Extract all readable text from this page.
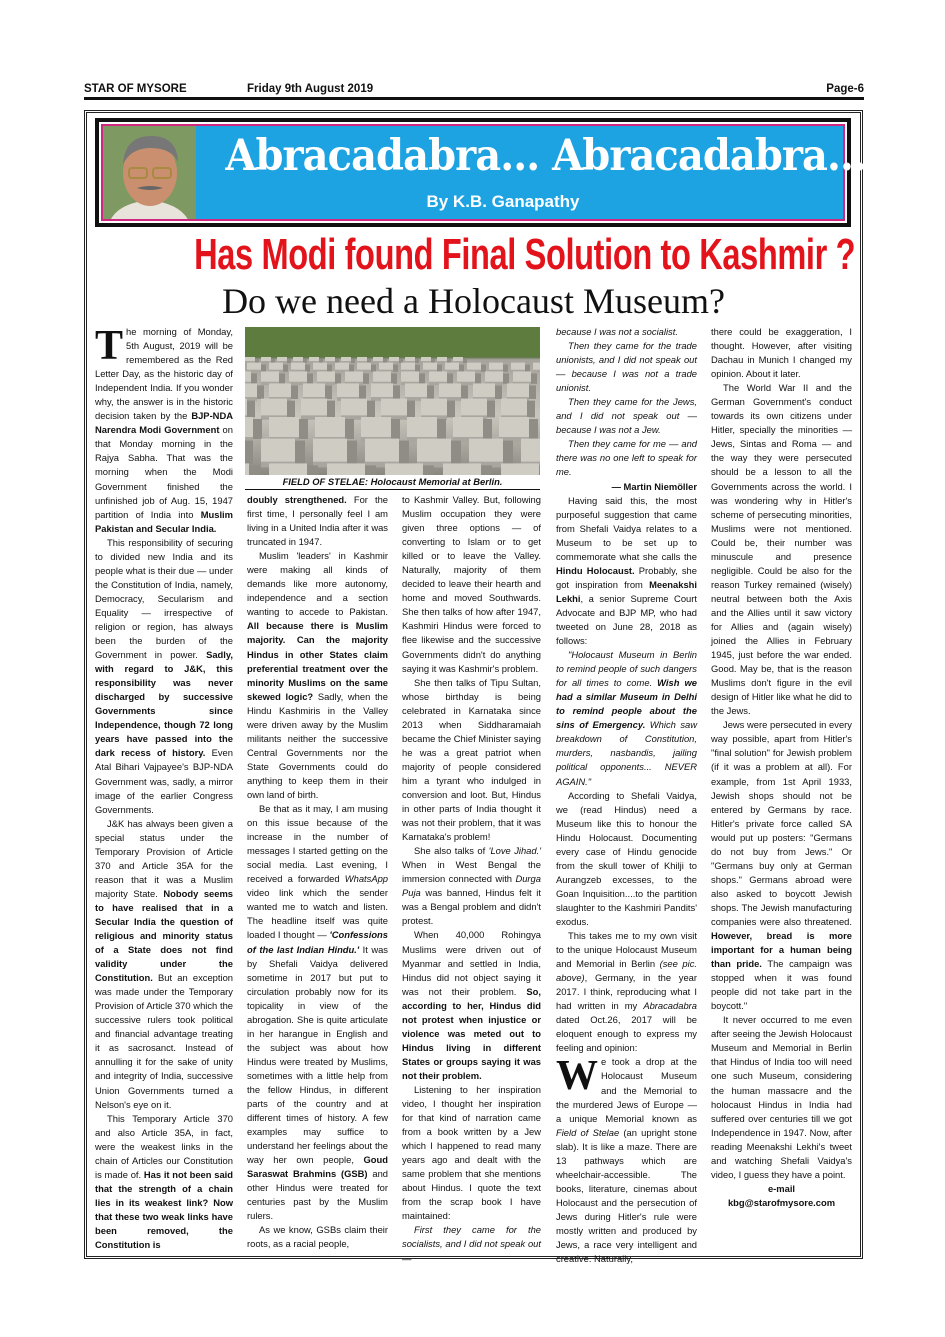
STAR OF MYSORE	Friday 9th August 2019	Page-6
Abracadabra... Abracadabra...
By K.B. Ganapathy
Has Modi found Final Solution to Kashmir ?
Do we need a Holocaust Museum?
FIELD OF STELAE: Holocaust Memorial at Berlin.

The morning of Monday, 5th August, 2019 will be remembered as the Red Letter Day, as the historic day of Independent India. If you wonder why, the answer is in the historic decision taken by the BJP-NDA Narendra Modi Government on that Monday morning in the Rajya Sabha. That was the morning when the Modi Government finished the unfinished job of Aug. 15, 1947 partition of India into Muslim Pakistan and Secular India.

This responsibility of securing to divided new India and its people what is their due — under the Constitution of India, namely, Democracy, Secularism and Equality — irrespective of religion or region, has always been the burden of the Government in power. Sadly, with regard to J&K, this responsibility was never discharged by successive Governments since Independence, though 72 long years have passed into the dark recess of history. Even Atal Bihari Vajpayee's BJP-NDA Government was, sadly, a mirror image of the earlier Congress Governments.

J&K has always been given a special status under the Temporary Provision of Article 370 and Article 35A for the reason that it was a Muslim majority State. Nobody seems to have realised that in a Secular India the question of religious and minority status of a State does not find validity under the Constitution. But an exception was made under the Temporary Provision of Article 370 which the successive rulers took political and financial advantage treating it as sacrosanct. Instead of annulling it for the sake of unity and integrity of India, successive Union Governments turned a Nelson's eye on it.

This Temporary Article 370 and also Article 35A, in fact, were the weakest links in the chain of Articles our Constitution is made of. Has it not been said that the strength of a chain lies in its weakest link? Now that these two weak links have been removed, the Constitution is

doubly strengthened. For the first time, I personally feel I am living in a United India after it was truncated in 1947.

Muslim 'leaders' in Kashmir were making all kinds of demands like more autonomy, independence and a section wanting to accede to Pakistan. All because there is Muslim majority. Can the majority Hindus in other States claim preferential treatment over the minority Muslims on the same skewed logic? Sadly, when the Hindu Kashmiris in the Valley were driven away by the Muslim militants neither the successive Central Governments nor the State Governments could do anything to keep them in their own land of birth.

Be that as it may, I am musing on this issue because of the increase in the number of messages I started getting on the social media. Last evening, I received a forwarded WhatsApp video link which the sender wanted me to watch and listen. The headline itself was quite loaded I thought — 'Confessions of the last Indian Hindu.' It was by Shefali Vaidya delivered sometime in 2017 but put to circulation probably now for its topicality in view of the abrogation. She is quite articulate in her harangue in English and the subject was about how Hindus were treated by Muslims, sometimes with a little help from the fellow Hindus, in different parts of the country and at different times of history. A few examples may suffice to understand her feelings about the way her own people, Goud Saraswat Brahmins (GSB) and other Hindus were treated for centuries past by the Muslim rulers.

As we know, GSBs claim their roots, as a racial people,

to Kashmir Valley. But, following Muslim occupation they were given three options — of converting to Islam or to get killed or to leave the Valley. Naturally, majority of them decided to leave their hearth and home and moved Southwards. She then talks of how after 1947, Kashmiri Hindus were forced to flee likewise and the successive Governments didn't do anything saying it was Kashmir's problem.

She then talks of Tipu Sultan, whose birthday is being celebrated in Karnataka since 2013 when Siddharamaiah became the Chief Minister saying he was a great patriot when majority of people considered him a tyrant who indulged in conversion and loot. But, Hindus in other parts of India thought it was not their problem, that it was Karnataka's problem!

She also talks of 'Love Jihad.' When in West Bengal the immersion connected with Durga Puja was banned, Hindus felt it was a Bengal problem and didn't protest.

When 40,000 Rohingya Muslims were driven out of Myanmar and settled in India, Hindus did not object saying it was not their problem. So, according to her, Hindus did not protest when injustice or violence was meted out to Hindus living in different States or groups saying it was not their problem.

Listening to her inspiration video, I thought her inspiration for that kind of narration came from a book written by a Jew which I happened to read many years ago and dealt with the same problem that she mentions about Hindus. I quote the text from the scrap book I have maintained:

First they came for the socialists, and I did not speak out —

because I was not a socialist.

Then they came for the trade unionists, and I did not speak out — because I was not a trade unionist.

Then they came for the Jews, and I did not speak out —because I was not a Jew.

Then they came for me — and there was no one left to speak for me.

— Martin Niemöller

Having said this, the most purposeful suggestion that came from Shefali Vaidya relates to a Museum to be set up to commemorate what she calls the Hindu Holocaust. Probably, she got inspiration from Meenakshi Lekhi, a senior Supreme Court Advocate and BJP MP, who had tweeted on June 28, 2018 as follows:

"Holocaust Museum in Berlin to remind people of such dangers for all times to come. Wish we had a similar Museum in Delhi to remind people about the sins of Emergency. Which saw breakdown of Constitution, murders, nasbandis, jailing political opponents... NEVER AGAIN."

According to Shefali Vaidya, we (read Hindus) need a Museum like this to honour the Hindu Holocaust. Documenting every case of Hindu genocide from the skull tower of Khilji to Aurangzeb excesses, to the Goan Inquisition....to the partition slaughter to the Kashmiri Pandits' exodus.

This takes me to my own visit to the unique Holocaust Museum and Memorial in Berlin (see pic. above), Germany, in the year 2017. I think, reproducing what I had written in my Abracadabra dated Oct.26, 2017 will be eloquent enough to express my feeling and opinion:

We took a drop at the Holocaust Museum and the Memorial to the murdered Jews of Europe — a unique Memorial known as Field of Stelae (an upright stone slab). It is like a maze. There are 13 pathways which are wheelchair-accessible. The books, literature, cinemas about Holocaust and the persecution of Jews during Hitler's rule were mostly written and produced by Jews, a race very intelligent and creative. Naturally,

there could be exaggeration, I thought. However, after visiting Dachau in Munich I changed my opinion. About it later.

The World War II and the German Government's conduct towards its own citizens under Hitler, specially the minorities — Jews, Sintas and Roma — and the way they were persecuted should be a lesson to all the Governments across the world. I was wondering why in Hitler's scheme of persecuting minorities, Muslims were not mentioned. Could be, their number was minuscule and presence negligible. Could be also for the reason Turkey remained (wisely) neutral between both the Axis and the Allies until it saw victory for Allies and (again wisely) joined the Allies in February 1945, just before the war ended. Good. May be, that is the reason Muslims don't figure in the evil design of Hitler like what he did to the Jews.

Jews were persecuted in every way possible, apart from Hitler's "final solution" for Jewish problem (if it was a problem at all). For example, from 1st April 1933, Jewish shops should not be entered by Germans by race. Hitler's private force called SA would put up posters: "Germans do not buy from Jews." Or "Germans buy only at German shops." Germans abroad were also asked to boycott Jewish shops. The Jewish manufacturing companies were also threatened. However, bread is more important for a human being than pride. The campaign was stopped when it was found people did not take part in the boycott."

It never occurred to me even after seeing the Jewish Holocaust Museum and Memorial in Berlin that Hindus of India too will need one such Museum, considering the human massacre and the holocaust Hindus in India had suffered over centuries till we got Independence in 1947. Now, after reading Meenakshi Lekhi's tweet and watching Shefali Vaidya's video, I guess they have a point.

e-mail

kbg@starofmysore.com
